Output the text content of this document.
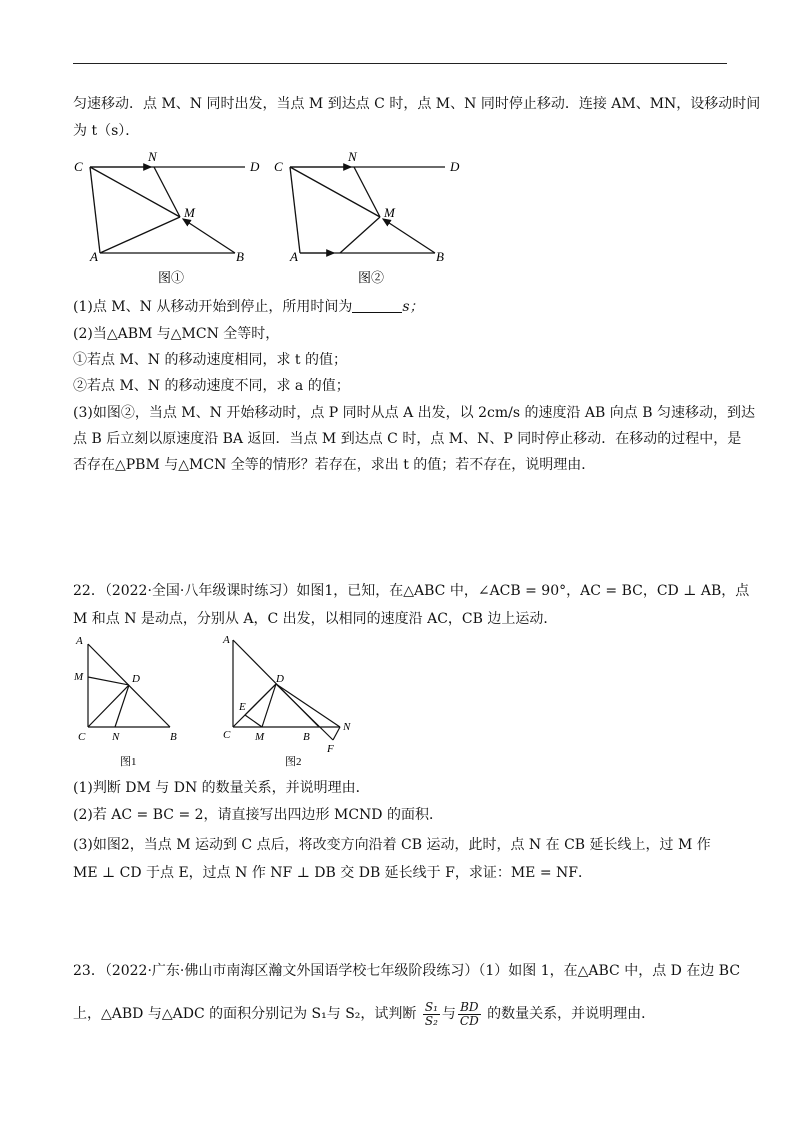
匀速移动．点 M、N 同时出发，当点 M 到达点 C 时，点 M、N 同时停止移动．连接 AM、MN，设移动时间
为 t（s）．
C
N
D
M
A	B
图①
C
N
D
M
A	B
图②
(1)点 M、N 从移动开始到停止，所用时间为	s；
(2)当△ABM 与△MCN 全等时，
①若点 M、N 的移动速度相同，求 t 的值；
②若点 M、N 的移动速度不同，求 a 的值；
(3)如图②，当点 M、N 开始移动时，点 P 同时从点 A 出发，以 2cm/s 的速度沿 AB 向点 B 匀速移动，到达
点 B 后立刻以原速度沿 BA 返回．当点 M 到达点 C 时，点 M、N、P 同时停止移动．在移动的过程中，是
否存在△PBM 与△MCN 全等的情形？若存在，求出 t 的值；若不存在，说明理由．
22．（2022·全国·八年级课时练习）如图1，已知，在△ABC 中，∠ACB = 90°，AC = BC，CD ⊥ AB，点
M 和点 N 是动点，分别从 A，C 出发，以相同的速度沿 AC，CB 边上运动．
A
M	D
C N	B
图1
A
D
E
C M	B
N
F
图2
(1)判断 DM 与 DN 的数量关系，并说明理由．
(2)若 AC = BC = 2，请直接写出四边形 MCND 的面积．
(3)如图2，当点 M 运动到 C 点后，将改变方向沿着 CB 运动，此时，点 N 在 CB 延长线上，过 M 作
ME ⊥ CD 于点 E，过点 N 作 NF ⊥ DB 交 DB 延长线于 F，求证：ME = NF．
23．（2022·广东·佛山市南海区瀚文外国语学校七年级阶段练习）（1）如图 1，在△ABC 中，点 D 在边 BC
上，△ABD 与△ADC 的面积分别记为 S₁与 S₂，试判断 $\frac{\text{S₁}}{\text{S₂}}$ 与 $\frac{BD}{CD}$ 的数量关系，并说明理由．
